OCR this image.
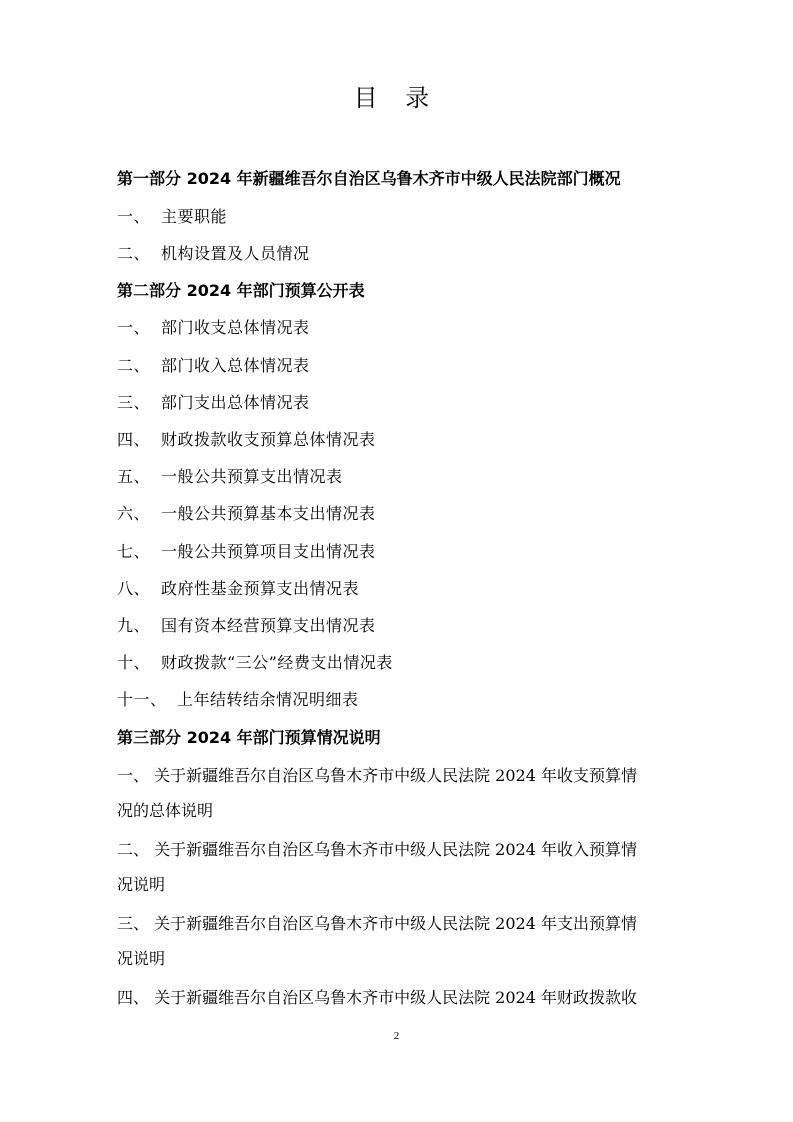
目 录
第一部分 2024 年新疆维吾尔自治区乌鲁木齐市中级人民法院部门概况
一、 主要职能
二、 机构设置及人员情况
第二部分 2024 年部门预算公开表
一、 部门收支总体情况表
二、 部门收入总体情况表
三、 部门支出总体情况表
四、 财政拨款收支预算总体情况表
五、 一般公共预算支出情况表
六、 一般公共预算基本支出情况表
七、 一般公共预算项目支出情况表
八、 政府性基金预算支出情况表
九、 国有资本经营预算支出情况表
十、 财政拨款“三公”经费支出情况表
十一、 上年结转结余情况明细表
第三部分 2024 年部门预算情况说明
一、 关于新疆维吾尔自治区乌鲁木齐市中级人民法院 2024 年收支预算情
况的总体说明
二、 关于新疆维吾尔自治区乌鲁木齐市中级人民法院 2024 年收入预算情
况说明
三、 关于新疆维吾尔自治区乌鲁木齐市中级人民法院 2024 年支出预算情
况说明
四、 关于新疆维吾尔自治区乌鲁木齐市中级人民法院 2024 年财政拨款收
2
